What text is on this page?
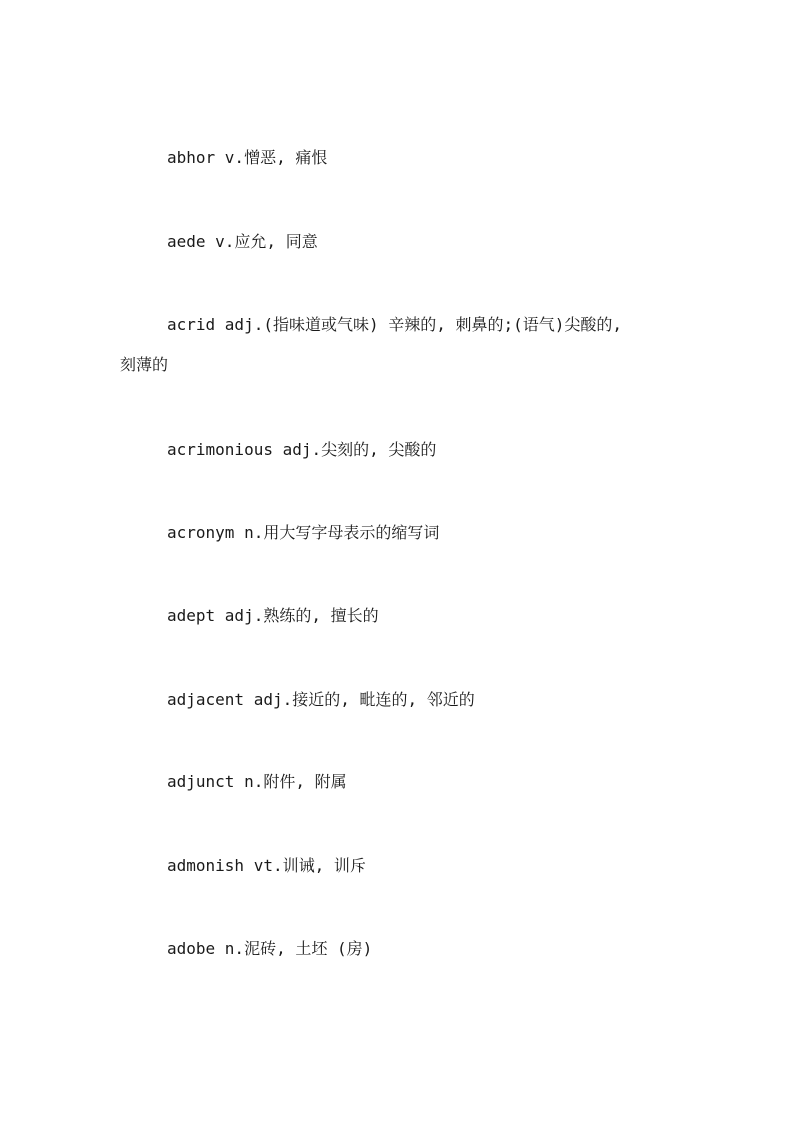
abhor v.憎恶, 痛恨
aede v.应允, 同意
acrid adj.(指味道或气味) 辛辣的, 刺鼻的;(语气)尖酸的,
刻薄的
acrimonious adj.尖刻的, 尖酸的
acronym n.用大写字母表示的缩写词
adept adj.熟练的, 擅长的
adjacent adj.接近的, 毗连的, 邻近的
adjunct n.附件, 附属
admonish vt.训诫, 训斥
adobe n.泥砖, 土坯 (房)
